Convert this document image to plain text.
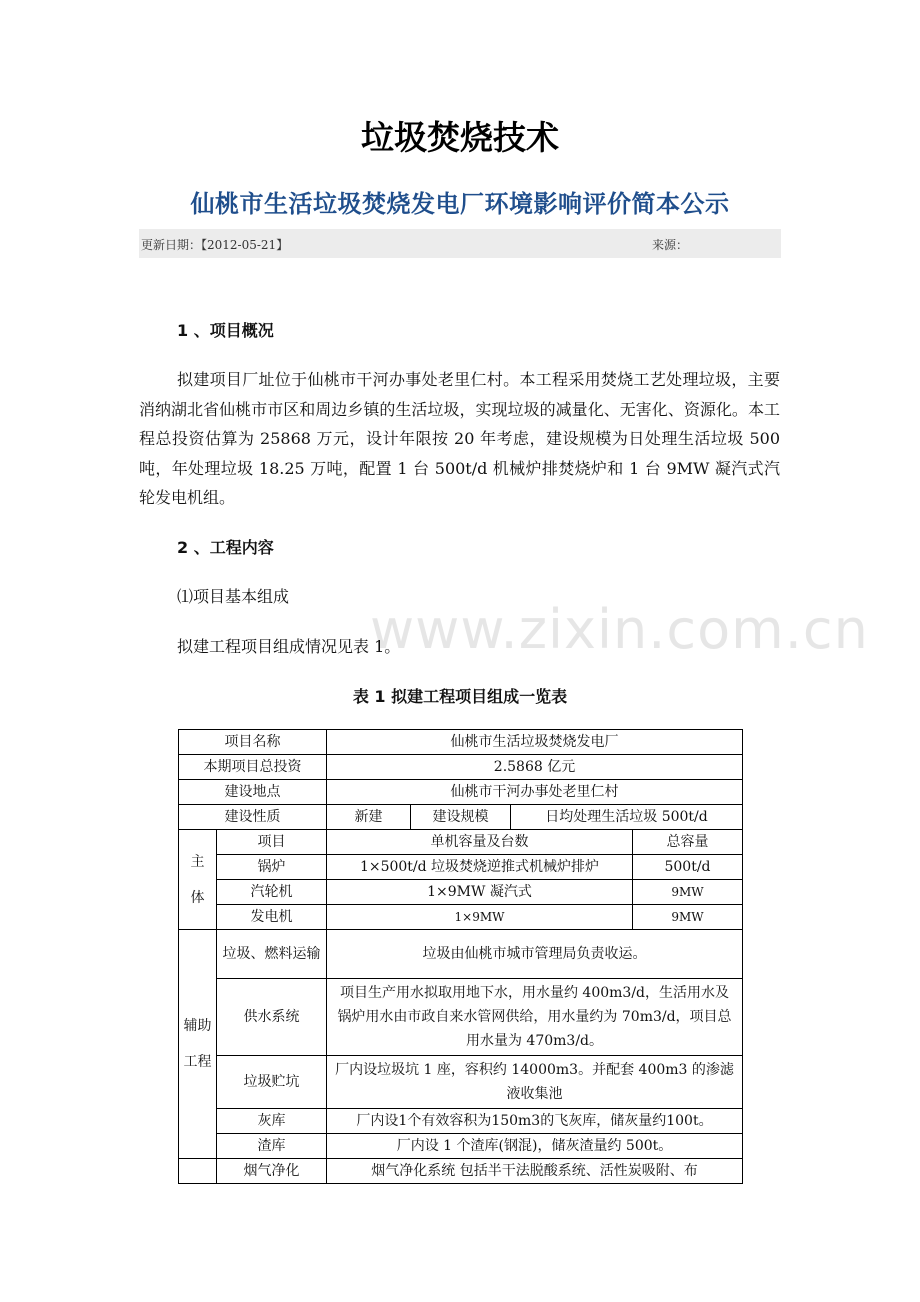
垃圾焚烧技术
仙桃市生活垃圾焚烧发电厂环境影响评价简本公示
更新日期：【2012-05-21】	来源：
1 、项目概况
拟建项目厂址位于仙桃市干河办事处老里仁村。本工程采用焚烧工艺处理垃圾，主要消纳湖北省仙桃市市区和周边乡镇的生活垃圾，实现垃圾的减量化、无害化、资源化。本工程总投资估算为 25868 万元，设计年限按 20 年考虑，建设规模为日处理生活垃圾 500 吨，年处理垃圾 18.25 万吨，配置 1 台 500t/d 机械炉排焚烧炉和 1 台 9MW 凝汽式汽轮发电机组。
2 、工程内容
⑴项目基本组成
www.zixin.com.cn
拟建工程项目组成情况见表 1。
表 1 拟建工程项目组成一览表
项目名称		仙桃市生活垃圾焚烧发电厂			
本期项目总投资		2.5868 亿元			
建设地点		仙桃市干河办事处老里仁村			
建设性质		新建	建设规模	日均处理生活垃圾 500t/d	
主

体	项目	单机容量及台数			总容量
	锅炉	1×500t/d 垃圾焚烧逆推式机械炉排炉			500t/d
	汽轮机	1×9MW 凝汽式			9MW
	发电机	1×9MW			9MW
辅助

工程	垃圾、燃料运输	垃圾由仙桃市城市管理局负责收运。			
	供水系统	项目生产用水拟取用地下水，用水量约 400m3/d，生活用水及锅炉用水由市政自来水管网供给，用水量约为 70m3/d，项目总用水量为 470m3/d。			
	垃圾贮坑	厂内设垃圾坑 1 座，容积约 14000m3。并配套 400m3 的渗滤液收集池			
	灰库	厂内设1个有效容积为150m3的飞灰库，储灰量约100t。			
	渣库	厂内设 1 个渣库(钢混)，储灰渣量约 500t。			
	烟气净化	烟气净化系统 包括半干法脱酸系统、活性炭吸附、布			
